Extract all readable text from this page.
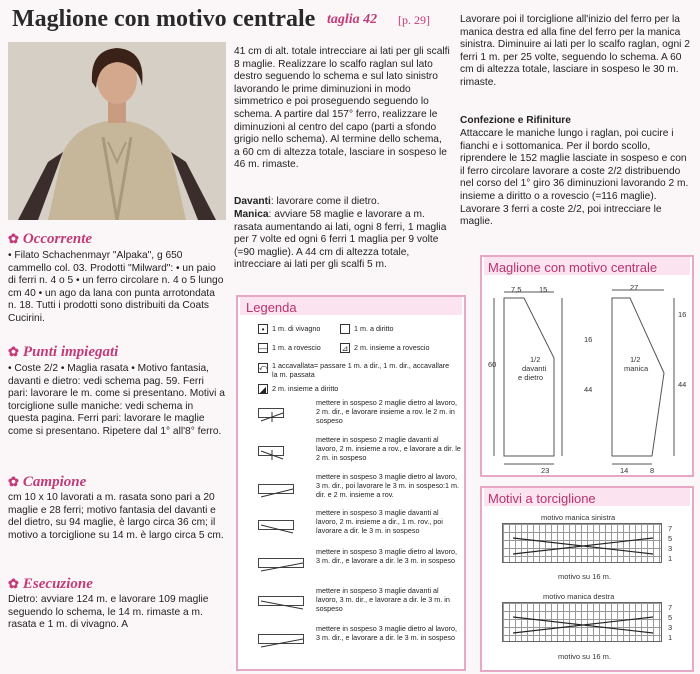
Maglione con motivo centrale taglia 42 [p. 29]
✿ Occorrente
• Filato Schachenmayr "Alpaka", g 650 cammello col. 03. Prodotti "Milward": • un paio di ferri n. 4 o 5 • un ferro circolare n. 4 o 5 lungo cm 40 • un ago da lana con punta arrotondata n. 18. Tutti i prodotti sono distribuiti da Coats Cucirini.
✿ Punti impiegati
• Coste 2/2 • Maglia rasata • Motivo fantasia, davanti e dietro: vedi schema pag. 59. Ferri pari: lavorare le m. come si presentano. Motivi a torciglione sulle maniche: vedi schema in questa pagina. Ferri pari: lavorare le maglie come si presentano. Ripetere dal 1° all'8° ferro.
✿ Campione
cm 10 x 10 lavorati a m. rasata sono pari a 20 maglie e 28 ferri; motivo fantasia del davanti e del dietro, su 94 maglie, è largo circa 36 cm; il motivo a torciglione su 14 m. è largo circa 5 cm.
✿ Esecuzione
Dietro: avviare 124 m. e lavorare 109 maglie seguendo lo schema, le 14 m. rimaste a m. rasata e 1 m. di vivagno. A
41 cm di alt. totale intrecciare ai lati per gli scalfi 8 maglie. Realizzare lo scalfo raglan sul lato destro seguendo lo schema e sul lato sinistro lavorando le prime diminuzioni in modo simmetrico e poi proseguendo seguendo lo schema. A partire dal 157° ferro, realizzare le diminuzioni al centro del capo (parti a sfondo grigio nello schema). Al termine dello schema, a 60 cm di altezza totale, lasciare in sospeso le 46 m. rimaste.
Davanti: lavorare come il dietro.
Manica: avviare 58 maglie e lavorare a m. rasata aumentando ai lati, ogni 8 ferri, 1 maglia per 7 volte ed ogni 6 ferri 1 maglia per 9 volte (=90 maglie). A 44 cm di altezza totale, intrecciare ai lati per gli scalfi 5 m.
Lavorare poi il torciglione all'inizio del ferro per la manica destra ed alla fine del ferro per la manica sinistra. Diminuire ai lati per lo scalfo raglan, ogni 2 ferri 1 m. per 25 volte, seguendo lo schema. A 60 cm di altezza totale, lasciare in sospeso le 30 m. rimaste.
Confezione e Rifiniture
Attaccare le maniche lungo i raglan, poi cucire i fianchi e i sottomanica. Per il bordo scollo, riprendere le 152 maglie lasciate in sospeso e con il ferro circolare lavorare a coste 2/2 distribuendo nel corso del 1° giro 36 diminuzioni lavorando 2 m. insieme a diritto o a rovescio (=116 maglie). Lavorare 3 ferri a coste 2/2, poi intrecciare le maglie.
Legenda
•	1 m. di vivagno	1 m. a diritto
— 1 m. a rovescio	⊿ 2 m. insieme a rovescio
⤺ 1 accavallata= passare 1 m. a dir., 1 m. dir., accavallare la m. passata
◢ 2 m. insieme a diritto
mettere in sospeso 2 maglie dietro al lavoro, 2 m. dir., e lavorare insieme a rov. le 2 m. in sospeso
mettere in sospeso 2 maglie davanti al lavoro, 2 m. insieme a rov., e lavorare a dir. le 2 m. in sospeso
mettere in sospeso 3 maglie dietro al lavoro, 3 m. dir., poi lavorare le 3 m. in sospeso:1 m. dir. e 2 m. insieme a rov.
mettere in sospeso 3 maglie davanti al lavoro, 2 m. insieme a dir., 1 m. rov., poi lavorare a dir. le 3 m. in sospeso
mettere in sospeso 3 maglie dietro al lavoro, 3 m. dir., e lavorare a dir. le 3 m. in sospeso
mettere in sospeso 3 maglie davanti al lavoro, 3 m. dir., e lavorare a dir. le 3 m. in sospeso
mettere in sospeso 3 maglie dietro al lavoro, 3 m. dir., e lavorare a dir. le 3 m. in sospeso
Maglione con motivo centrale
7,5 15	27
16
16
60
44
44
23	14	8
1/2
davanti
e dietro
1/2
manica
Motivi a torciglione
motivo manica sinistra
7
5
3
1
motivo su 16 m.
motivo manica destra
7
5
3
1
motivo su 16 m.
